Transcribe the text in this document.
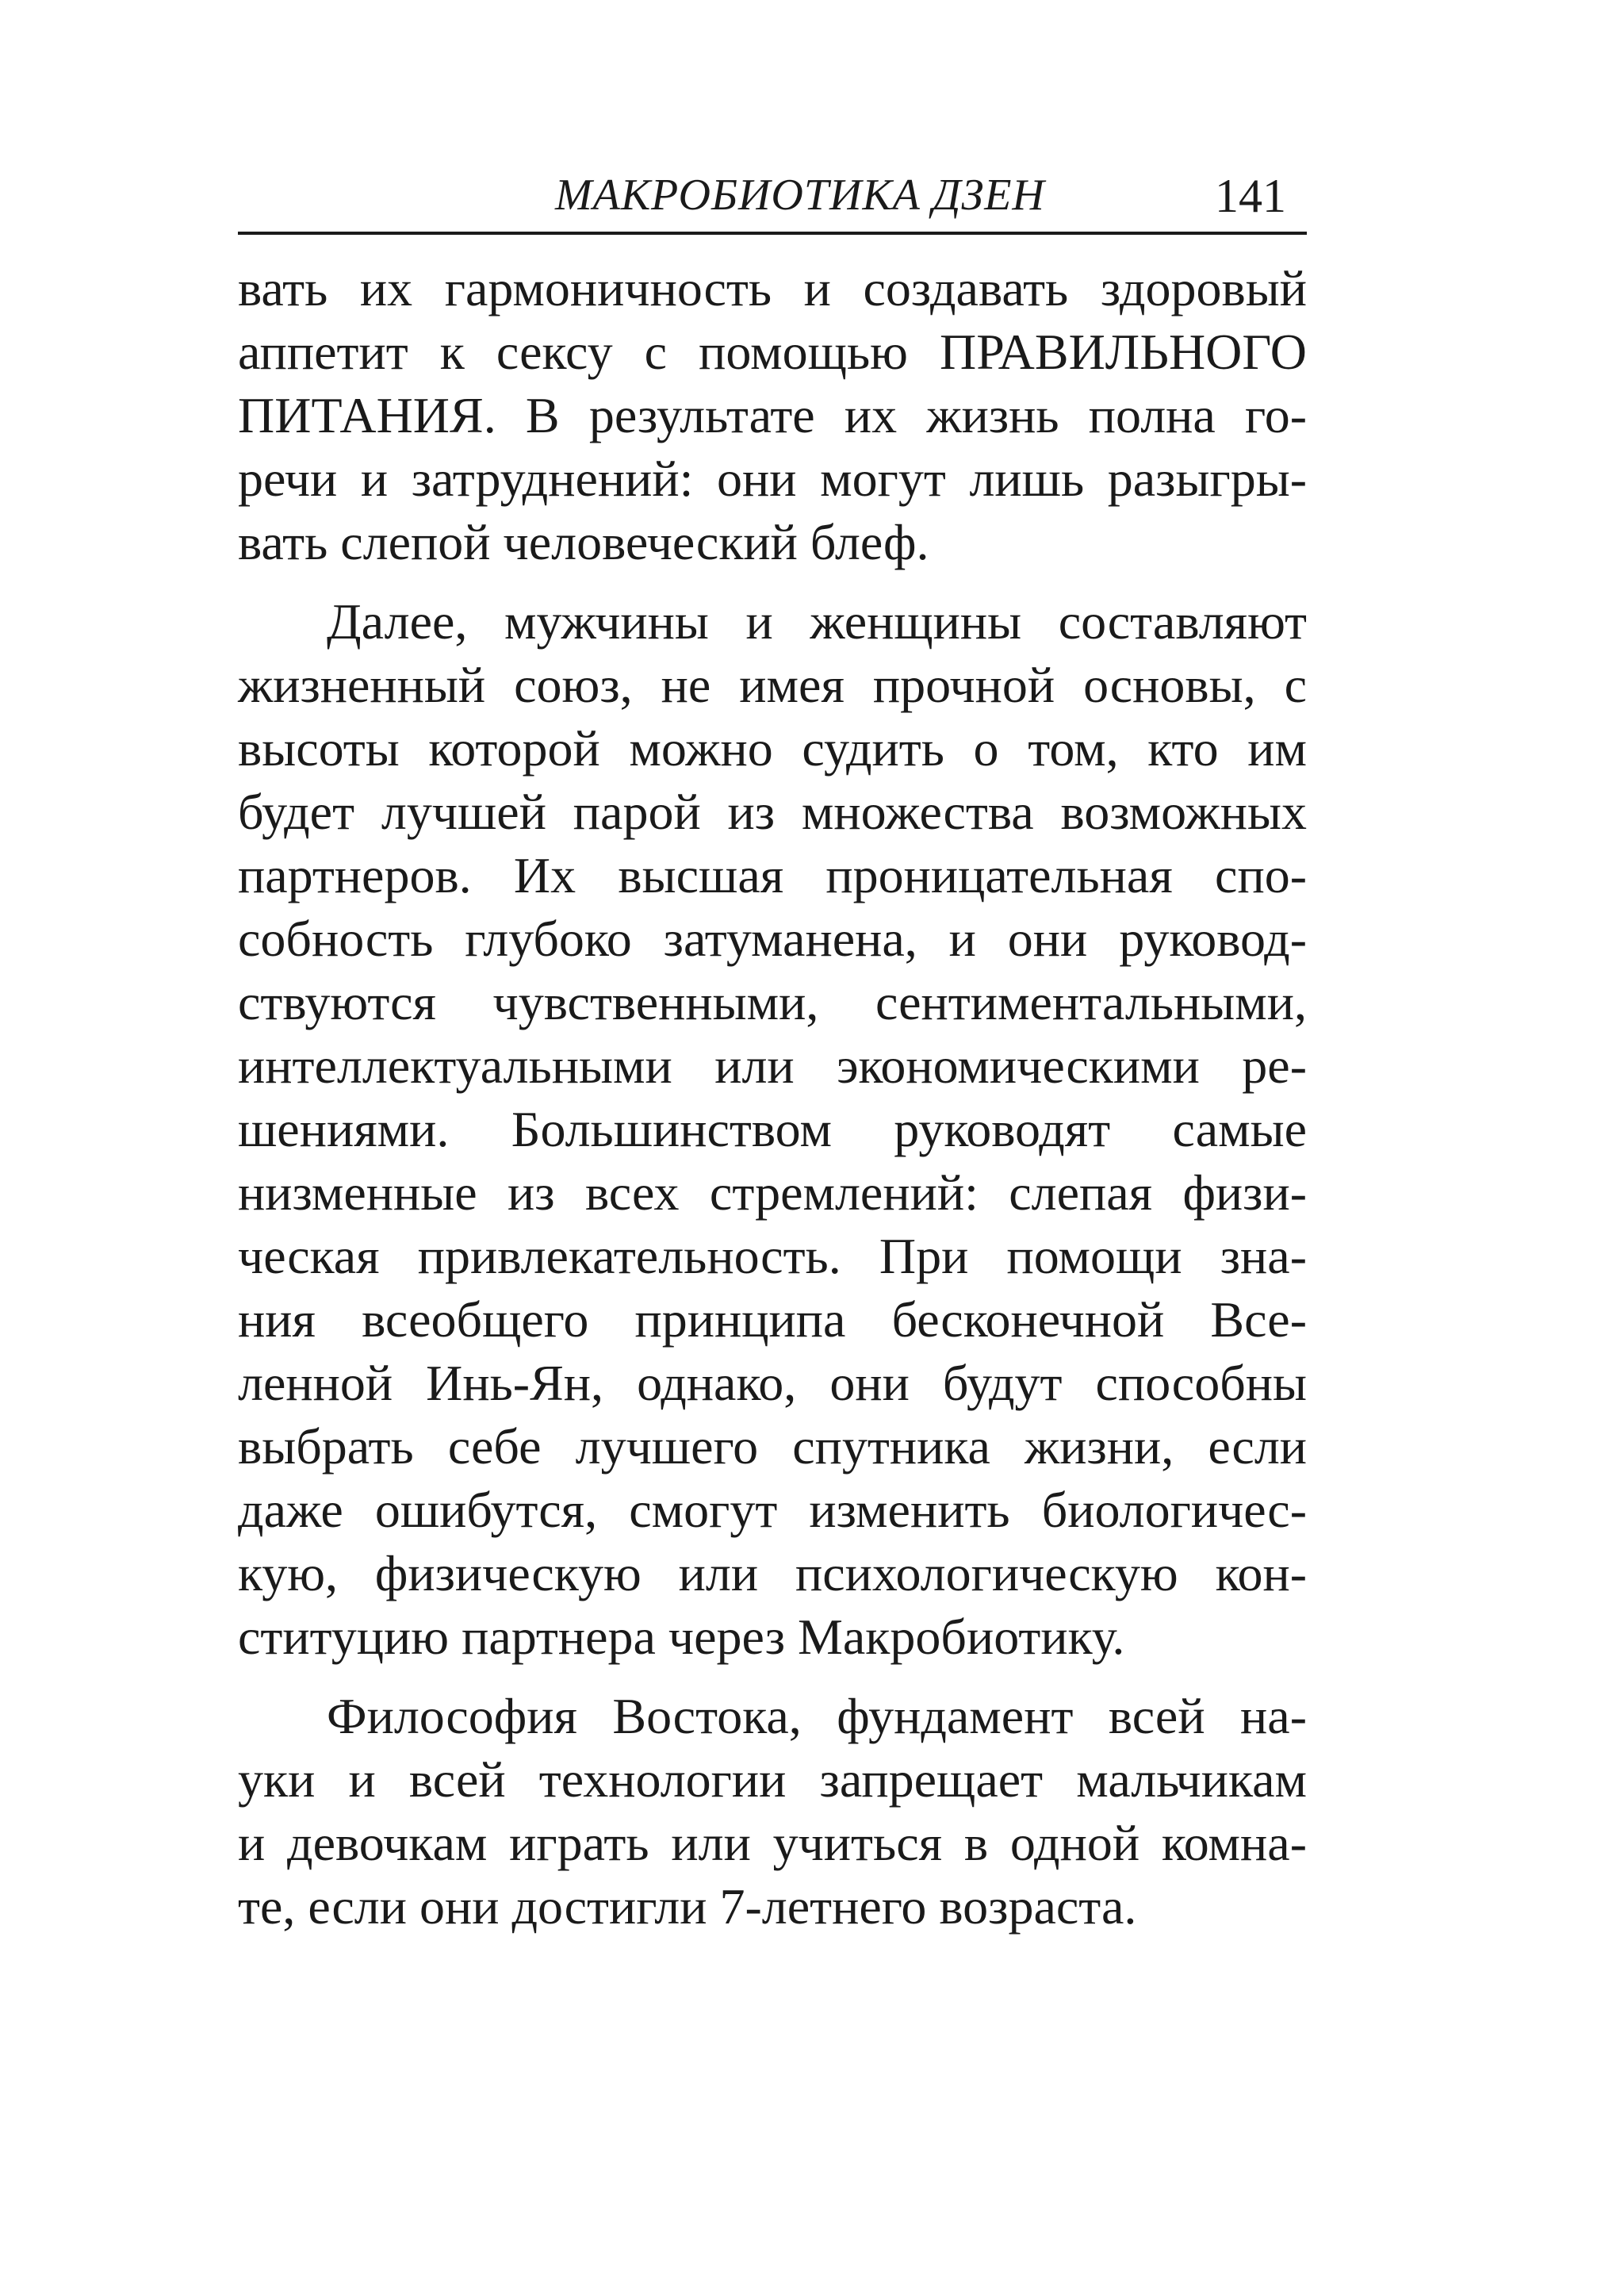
МАКРОБИОТИКА ДЗЕН	141

вать их гармоничность и создавать здоровый
аппетит к сексу с помощью ПРАВИЛЬНОГО
ПИТАНИЯ. В результате их жизнь полна го-
речи и затруднений: они могут лишь разыгры-
вать слепой человеческий блеф.

Далее, мужчины и женщины составляют
жизненный союз, не имея прочной основы, с
высоты которой можно судить о том, кто им
будет лучшей парой из множества возможных
партнеров. Их высшая проницательная спо-
собность глубоко затуманена, и они руковод-
ствуются чувственными, сентиментальными,
интеллектуальными или экономическими ре-
шениями. Большинством руководят самые
низменные из всех стремлений: слепая физи-
ческая привлекательность. При помощи зна-
ния всеобщего принципа бесконечной Все-
ленной Инь-Ян, однако, они будут способны
выбрать себе лучшего спутника жизни, если
даже ошибутся, смогут изменить биологичес-
кую, физическую или психологическую кон-
ституцию партнера через Макробиотику.

Философия Востока, фундамент всей на-
уки и всей технологии запрещает мальчикам
и девочкам играть или учиться в одной комна-
те, если они достигли 7-летнего возраста.
